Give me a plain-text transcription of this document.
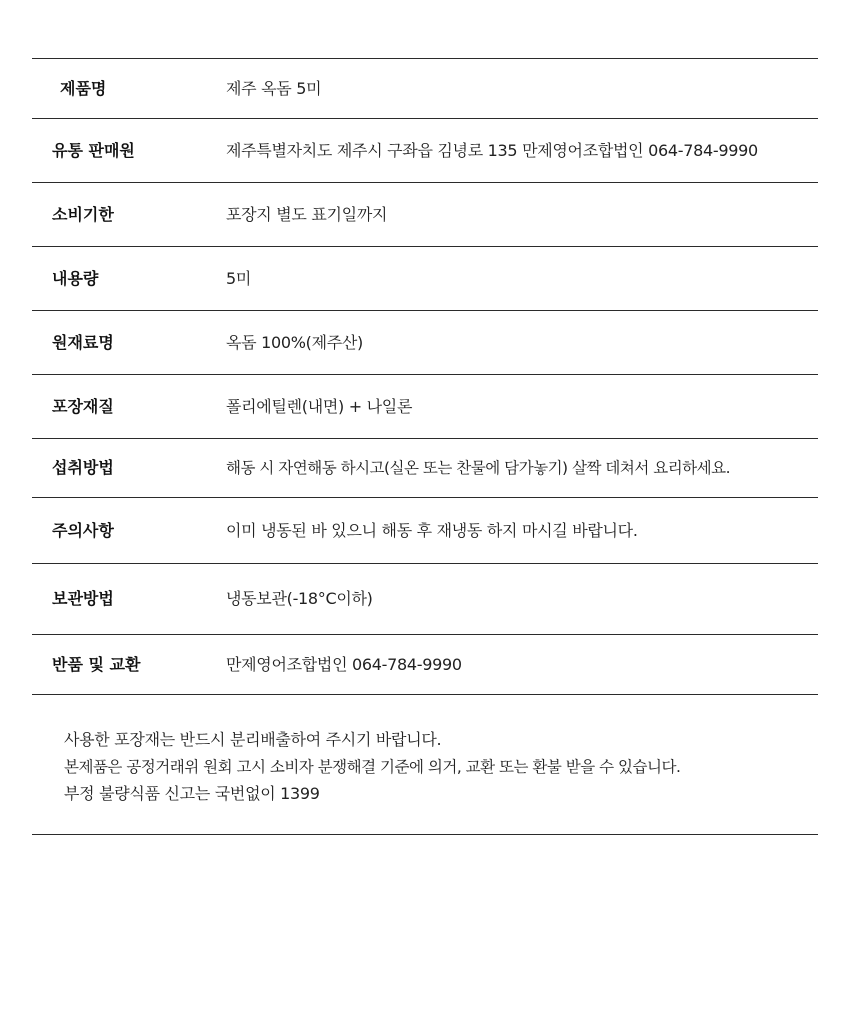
제품명	제주 옥돔 5미
유통 판매원	제주특별자치도 제주시 구좌읍 김녕로 135 만제영어조합법인 064-784-9990
소비기한	포장지 별도 표기일까지
내용량	5미
원재료명	옥돔 100%(제주산)
포장재질	폴리에틸렌(내면) + 나일론
섭취방법	해동 시 자연해동 하시고(실온 또는 찬물에 담가놓기) 살짝 데쳐서 요리하세요.
주의사항	이미 냉동된 바 있으니 해동 후 재냉동 하지 마시길 바랍니다.
보관방법	냉동보관(-18°C이하)
반품 및 교환	만제영어조합법인 064-784-9990
사용한 포장재는 반드시 분리배출하여 주시기 바랍니다.
본제품은 공정거래위 원회 고시 소비자 분쟁해결 기준에 의거, 교환 또는 환불 받을 수 있습니다.
부정 불량식품 신고는 국번없이 1399
